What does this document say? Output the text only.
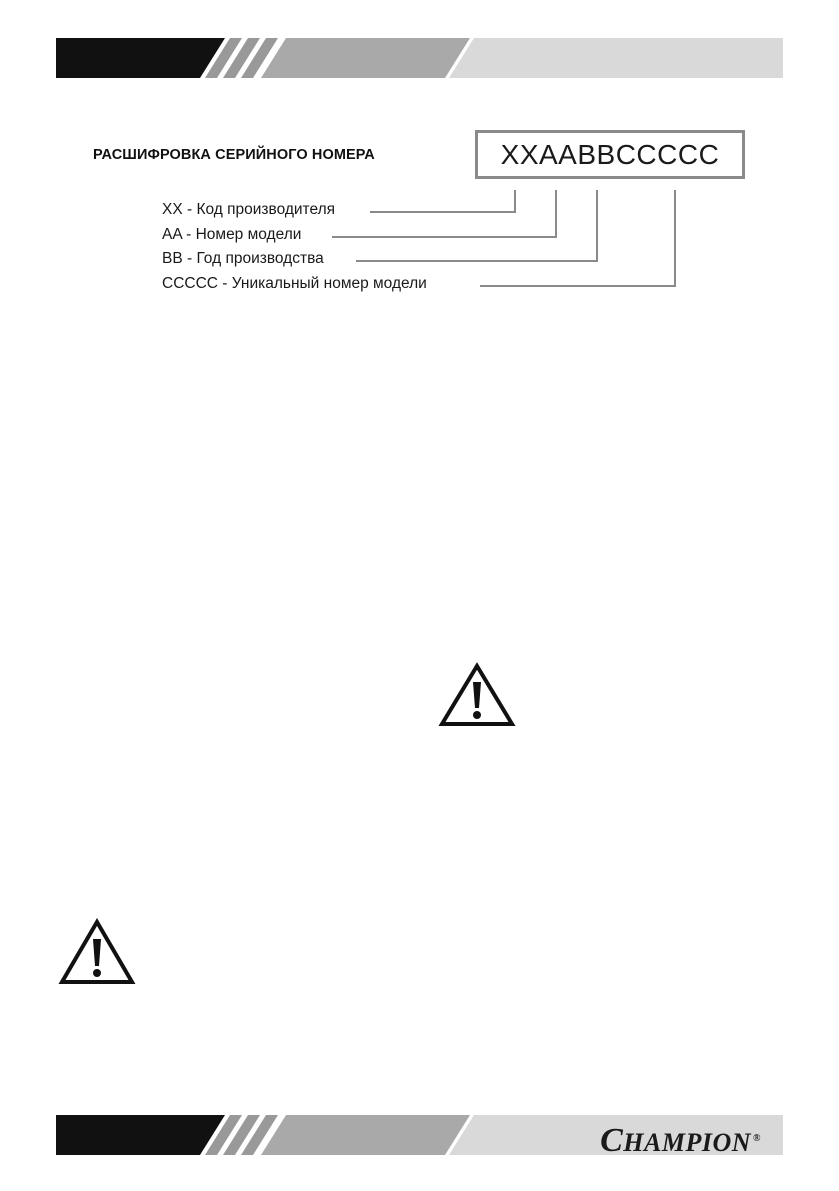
РАСШИФРОВКА СЕРИЙНОГО НОМЕРА	XXAABBCCCCC
XX - Код производителя
AA - Номер модели
BB - Год производства
CCCCC - Уникальный номер модели
CHAMPION ®
